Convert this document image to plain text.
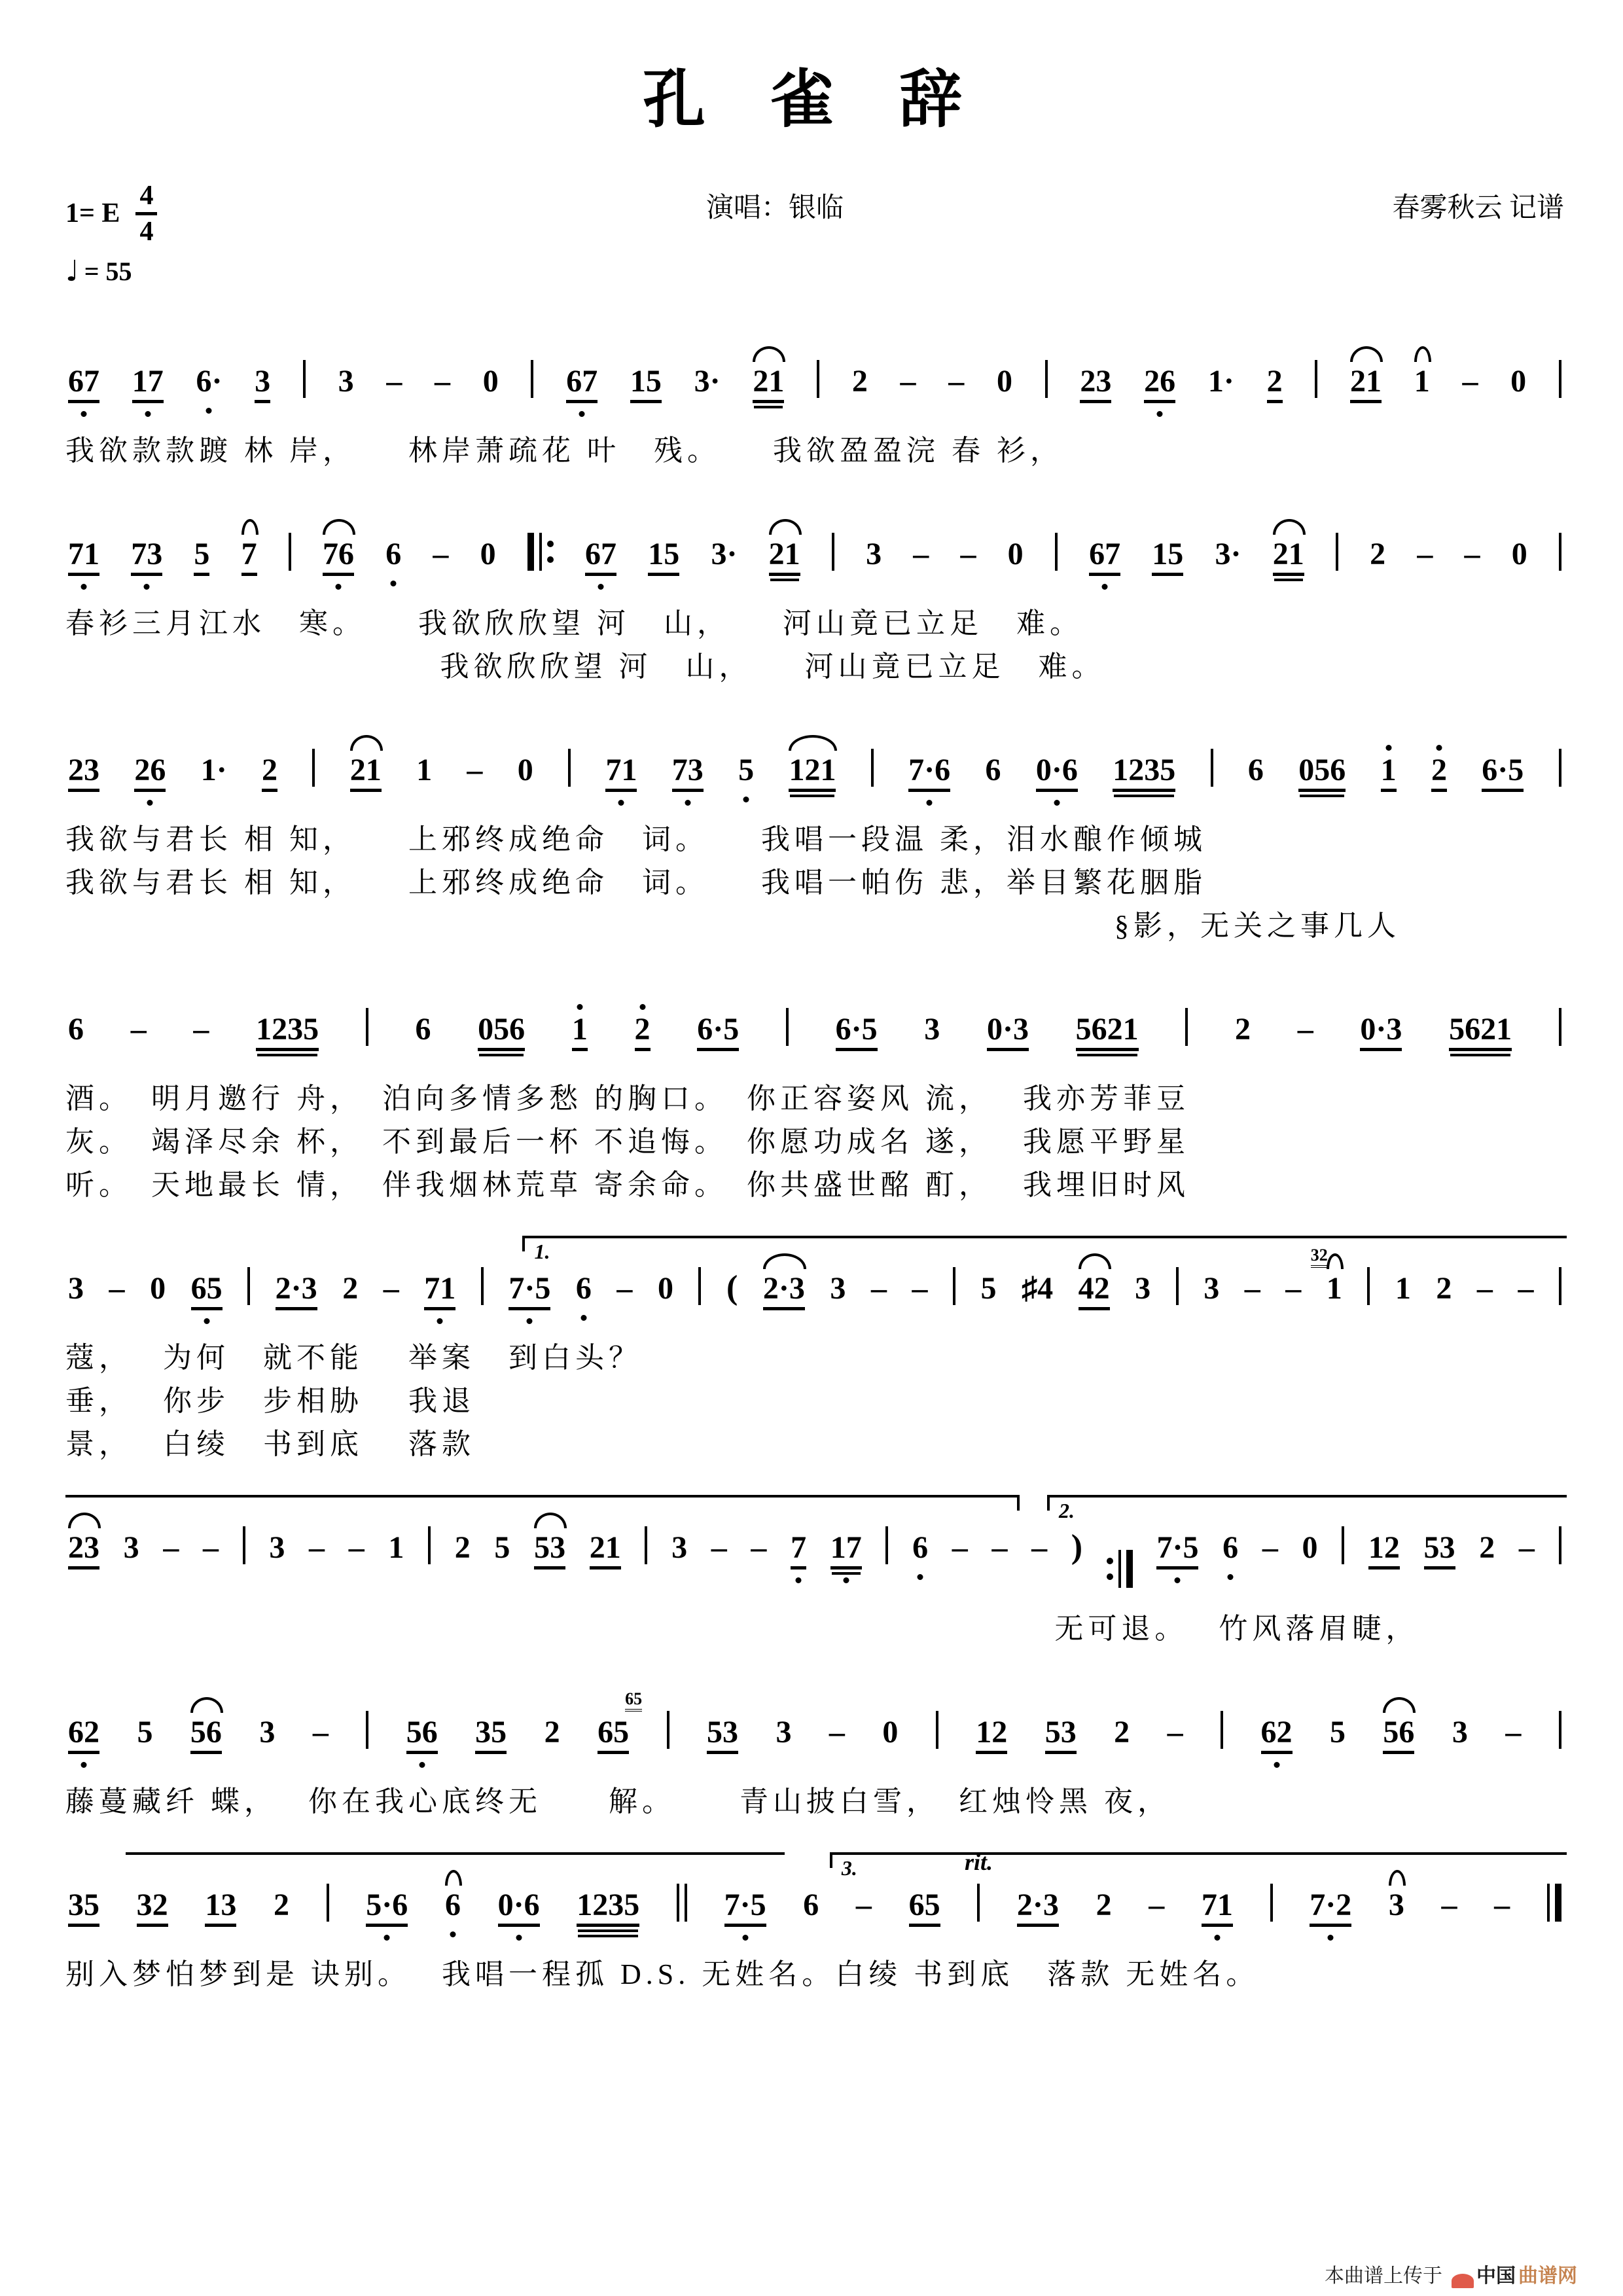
孔 雀 辞
1= E
4
4
♩ = 55
演唱：银临	春雾秋云 记谱
67 17 6· 3 3 – – 0 67 15 3· 21 2 – – 0 23 26 1· 2 21 1 – 0
我欲款款踱 林 岸，　　林岸萧疏花 叶　残。　　我欲盈盈浣 春 衫，
71 73 5 7 76 6 – 0	67 15 3· 21 3 – – 0 67 15 3· 21 2 – – 0
春衫三月江水　寒。　　我欲欣欣望 河　山，　　河山竟已立足　难。
我欲欣欣望 河　山，　　河山竟已立足　难。
23 26 1· 2 21 1 – 0 71 73 5 121 7·6 6 0·6 1235 6 056 1 2 6·5
我欲与君长 相 知，　　上邪终成绝命　词。　　我唱一段温 柔，泪水酿作倾城
我欲与君长 相 知，　　上邪终成绝命　词。　　我唱一帕伤 悲，举目繁花胭脂
§影，无关之事几人
6 – – 1235	6 056 1 2 6·5	6·5 3 0·3 5621	2 – 0·3 5621
酒。　明月邀行 舟，　泊向多情多愁 的胸口。　你正容姿风 流，　 我亦芳菲豆
灰。　竭泽尽余 杯，　不到最后一杯 不追悔。　你愿功成名 遂，　 我愿平野星
听。　天地最长 情，　伴我烟林荒草 寄余命。　你共盛世酩 酊，　 我埋旧时风
1.
3 – 0 65 2·3 2 – 71 7·5 6 – 0 ( 2·3 3 – – 5 ♯4 42 3 3 – – 1
32
1 2 – –
蔻，　 为何　就不能　 举案　到白头？
垂，　 你步　步相胁　 我退
景，　 白绫　书到底　 落款
2.
23 3 – – 3 – – 1 2 5 53 21 3 – – 7 17 6 – – – ) 7·5 6 – 0 12 53 2 –
无可退。　 竹风落眉睫，
62 5 56 3 – 56 35 2 65
65
53 3 – 0 12 53 2 – 62 5 56 3 –
藤蔓藏纤 蝶，　 你在我心底终无　　解。　　 青山披白雪，　红烛怜黑 夜，
3.	rit.
35 32 13 2 5·6 6 0·6 1235	7·5 6 – 65 2·3 2 – 71 7·2 3 – –
别入梦怕梦到是 诀别。　 我唱一程孤 D.S. 无姓名。白绫 书到底　落款 无姓名。
本曲谱上传于 中国 曲谱网
